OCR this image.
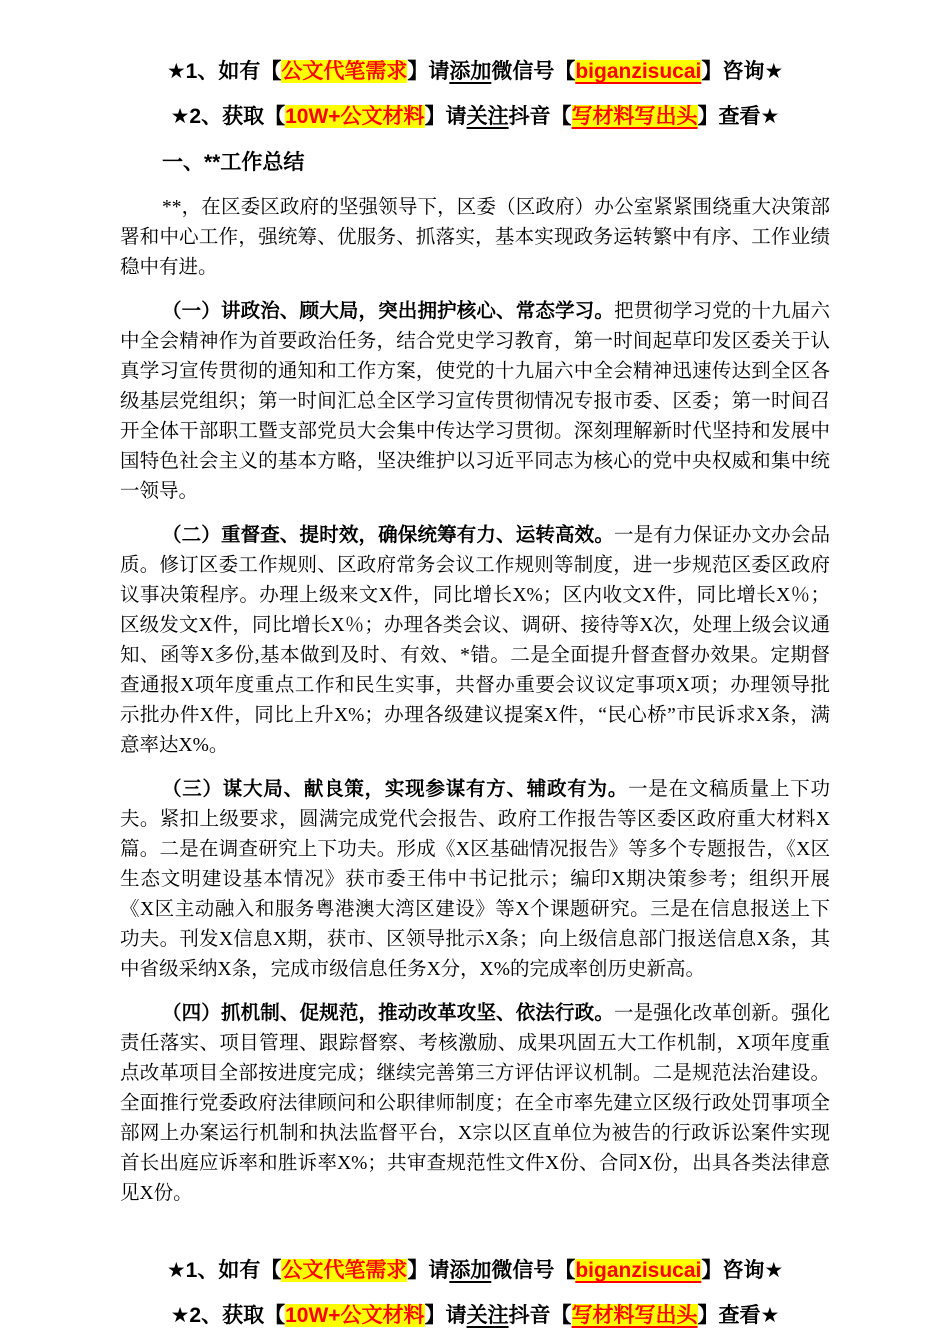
★1、如有【公文代笔需求】请添加微信号【biganzisucai】咨询★

★2、获取【10W+公文材料】请关注抖音【写材料写出头】查看★

一、**工作总结

**，在区委区政府的坚强领导下，区委（区政府）办公室紧紧围绕重大决策部署和中心工作，强统筹、优服务、抓落实，基本实现政务运转繁中有序、工作业绩稳中有进。

（一）讲政治、顾大局，突出拥护核心、常态学习。把贯彻学习党的十九届六中全会精神作为首要政治任务，结合党史学习教育，第一时间起草印发区委关于认真学习宣传贯彻的通知和工作方案，使党的十九届六中全会精神迅速传达到全区各级基层党组织；第一时间汇总全区学习宣传贯彻情况专报市委、区委；第一时间召开全体干部职工暨支部党员大会集中传达学习贯彻。深刻理解新时代坚持和发展中国特色社会主义的基本方略，坚决维护以习近平同志为核心的党中央权威和集中统一领导。

（二）重督查、提时效，确保统筹有力、运转高效。一是有力保证办文办会品质。修订区委工作规则、区政府常务会议工作规则等制度，进一步规范区委区政府议事决策程序。办理上级来文X件，同比增长X%；区内收文X件，同比增长X％；区级发文X件，同比增长X％；办理各类会议、调研、接待等X次，处理上级会议通知、函等X多份,基本做到及时、有效、*错。二是全面提升督查督办效果。定期督查通报X项年度重点工作和民生实事，共督办重要会议议定事项X项；办理领导批示批办件X件，同比上升X%；办理各级建议提案X件，“民心桥”市民诉求X条，满意率达X%。

（三）谋大局、献良策，实现参谋有方、辅政有为。一是在文稿质量上下功夫。紧扣上级要求，圆满完成党代会报告、政府工作报告等区委区政府重大材料X篇。二是在调查研究上下功夫。形成《X区基础情况报告》等多个专题报告，《X区生态文明建设基本情况》获市委王伟中书记批示；编印X期决策参考；组织开展《X区主动融入和服务粤港澳大湾区建设》等X个课题研究。三是在信息报送上下功夫。刊发X信息X期，获市、区领导批示X条；向上级信息部门报送信息X条，其中省级采纳X条，完成市级信息任务X分，X%的完成率创历史新高。

（四）抓机制、促规范，推动改革攻坚、依法行政。一是强化改革创新。强化责任落实、项目管理、跟踪督察、考核激励、成果巩固五大工作机制，X项年度重点改革项目全部按进度完成；继续完善第三方评估评议机制。二是规范法治建设。全面推行党委政府法律顾问和公职律师制度；在全市率先建立区级行政处罚事项全部网上办案运行机制和执法监督平台，X宗以区直单位为被告的行政诉讼案件实现首长出庭应诉率和胜诉率X%；共审查规范性文件X份、合同X份，出具各类法律意见X份。

★1、如有【公文代笔需求】请添加微信号【biganzisucai】咨询★

★2、获取【10W+公文材料】请关注抖音【写材料写出头】查看★
